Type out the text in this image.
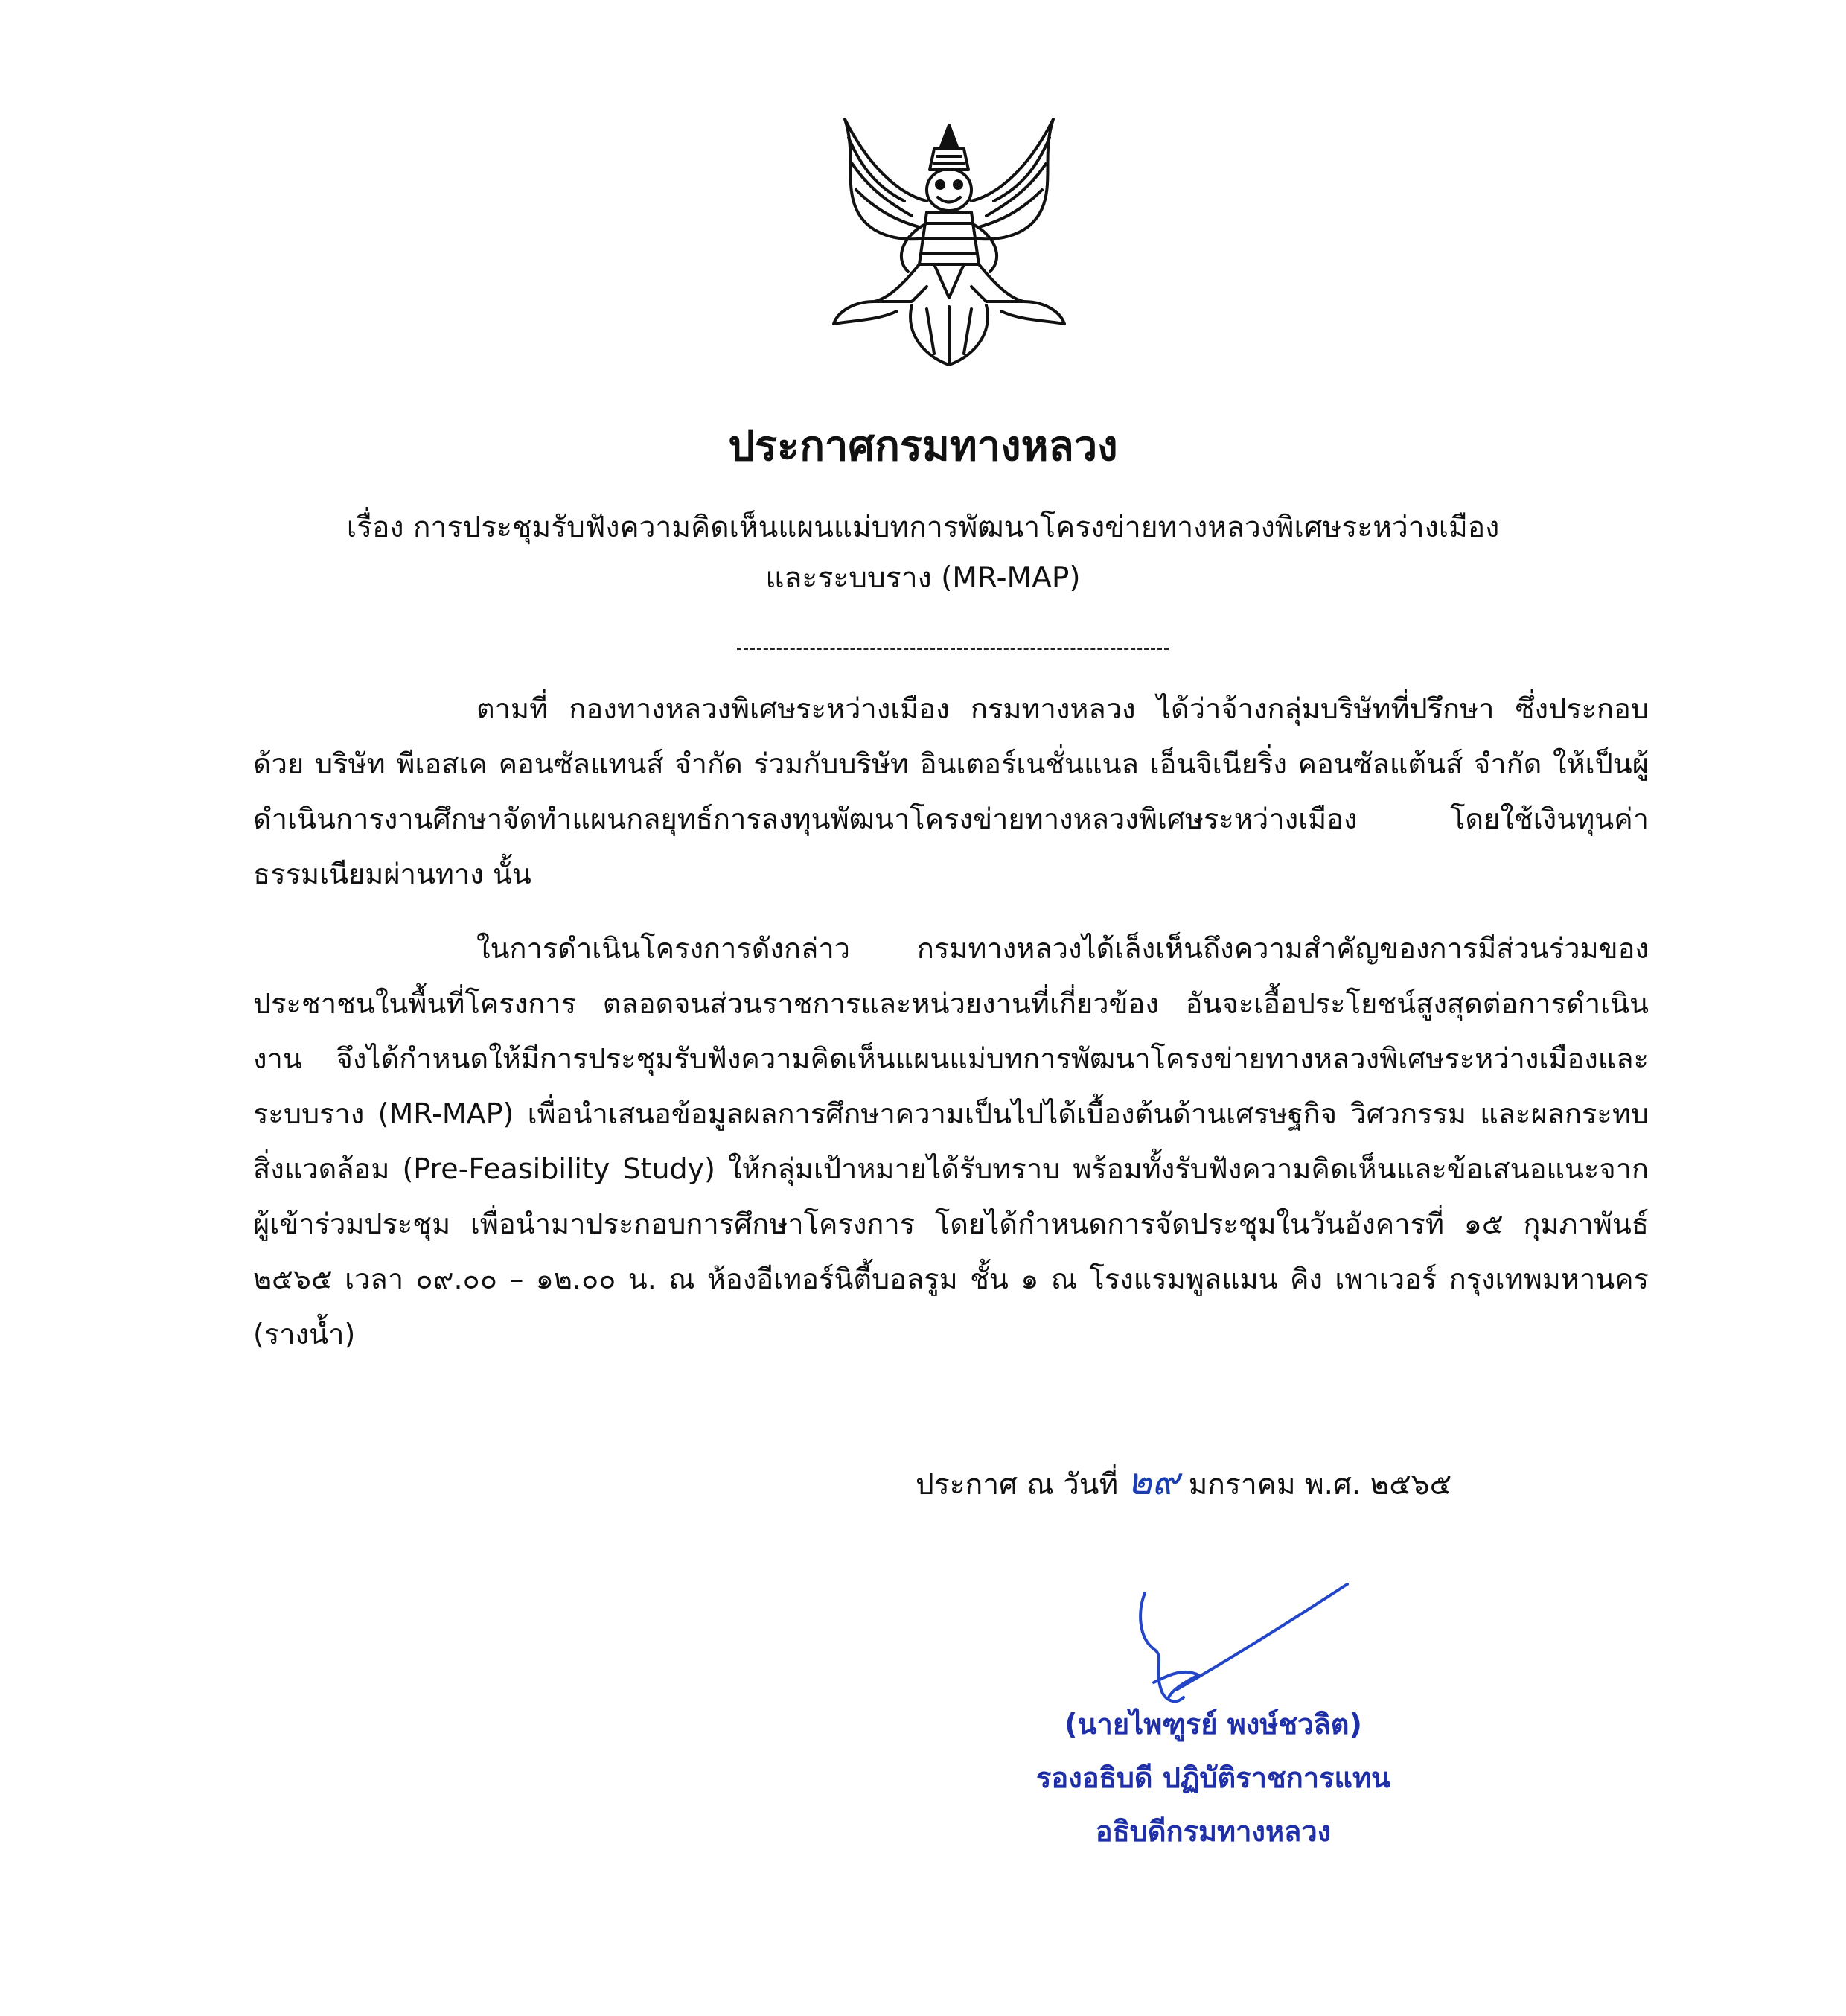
ประกาศกรมทางหลวง
เรื่อง การประชุมรับฟังความคิดเห็นแผนแม่บทการพัฒนาโครงข่ายทางหลวงพิเศษระหว่างเมือง
และระบบราง (MR-MAP)

ตามที่ กองทางหลวงพิเศษระหว่างเมือง กรมทางหลวง ได้ว่าจ้างกลุ่มบริษัทที่ปรึกษา ซึ่งประกอบด้วย บริษัท พีเอสเค คอนซัลแทนส์ จำกัด ร่วมกับบริษัท อินเตอร์เนชั่นแนล เอ็นจิเนียริ่ง คอนซัลแต้นส์ จำกัด ให้เป็นผู้ดำเนินการงานศึกษาจัดทำแผนกลยุทธ์การลงทุนพัฒนาโครงข่ายทางหลวงพิเศษระหว่างเมือง โดยใช้เงินทุนค่าธรรมเนียมผ่านทาง นั้น

ในการดำเนินโครงการดังกล่าว กรมทางหลวงได้เล็งเห็นถึงความสำคัญของการมีส่วนร่วมของประชาชนในพื้นที่โครงการ ตลอดจนส่วนราชการและหน่วยงานที่เกี่ยวข้อง อันจะเอื้อประโยชน์สูงสุดต่อการดำเนินงาน จึงได้กำหนดให้มีการประชุมรับฟังความคิดเห็นแผนแม่บทการพัฒนาโครงข่ายทางหลวงพิเศษระหว่างเมืองและระบบราง (MR-MAP) เพื่อนำเสนอข้อมูลผลการศึกษาความเป็นไปได้เบื้องต้นด้านเศรษฐกิจ วิศวกรรม และผลกระทบสิ่งแวดล้อม (Pre-Feasibility Study) ให้กลุ่มเป้าหมายได้รับทราบ พร้อมทั้งรับฟังความคิดเห็นและข้อเสนอแนะจากผู้เข้าร่วมประชุม เพื่อนำมาประกอบการศึกษาโครงการ โดยได้กำหนดการจัดประชุมในวันอังคารที่ ๑๕ กุมภาพันธ์ ๒๕๖๕ เวลา ๐๙.๐๐ – ๑๒.๐๐ น. ณ ห้องอีเทอร์นิตี้บอลรูม ชั้น ๑ ณ โรงแรมพูลแมน คิง เพาเวอร์ กรุงเทพมหานคร (รางน้ำ)

ประกาศ ณ วันที่ ๒๙ มกราคม พ.ศ. ๒๕๖๕
(นายไพฑูรย์ พงษ์ชวลิต)
รองอธิบดี ปฏิบัติราชการแทน
อธิบดีกรมทางหลวง
